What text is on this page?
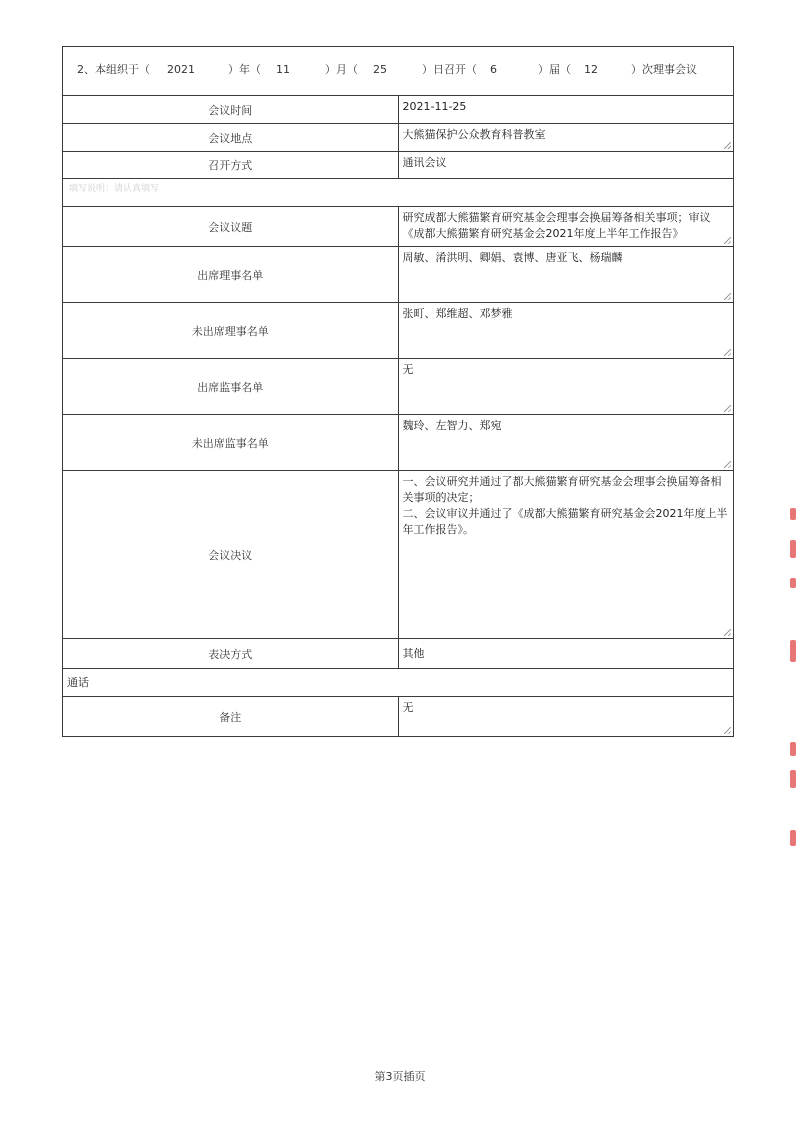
2、本组织于（ 2021 ）年（ 11 ）月（ 25 ）日召开（ 6 ）届（ 12 ）次理事会议	

会议时间	2021-11-25
会议地点	大熊猫保护公众教育科普教室

召开方式	通讯会议

填写说明：请认真填写	

会议议题	研究成都大熊猫繁育研究基金会理事会换届筹备相关事项；审议《成都大熊猫繁育研究基金会2021年度上半年工作报告》

出席理事名单	周敏、淆洪明、卿娟、袁博、唐亚飞、杨瑞麟

未出席理事名单	张町、郑维超、邓梦雅

出席监事名单	无

未出席监事名单	魏玲、左智力、郑宛

会议决议	一、会议研究并通过了都大熊猫繁育研究基金会理事会换届筹备相关事项的决定；

二、会议审议并通过了《成都大熊猫繁育研究基金会2021年度上半年工作报告》。

表决方式	其他
通话	
备注	无
第3页插页
